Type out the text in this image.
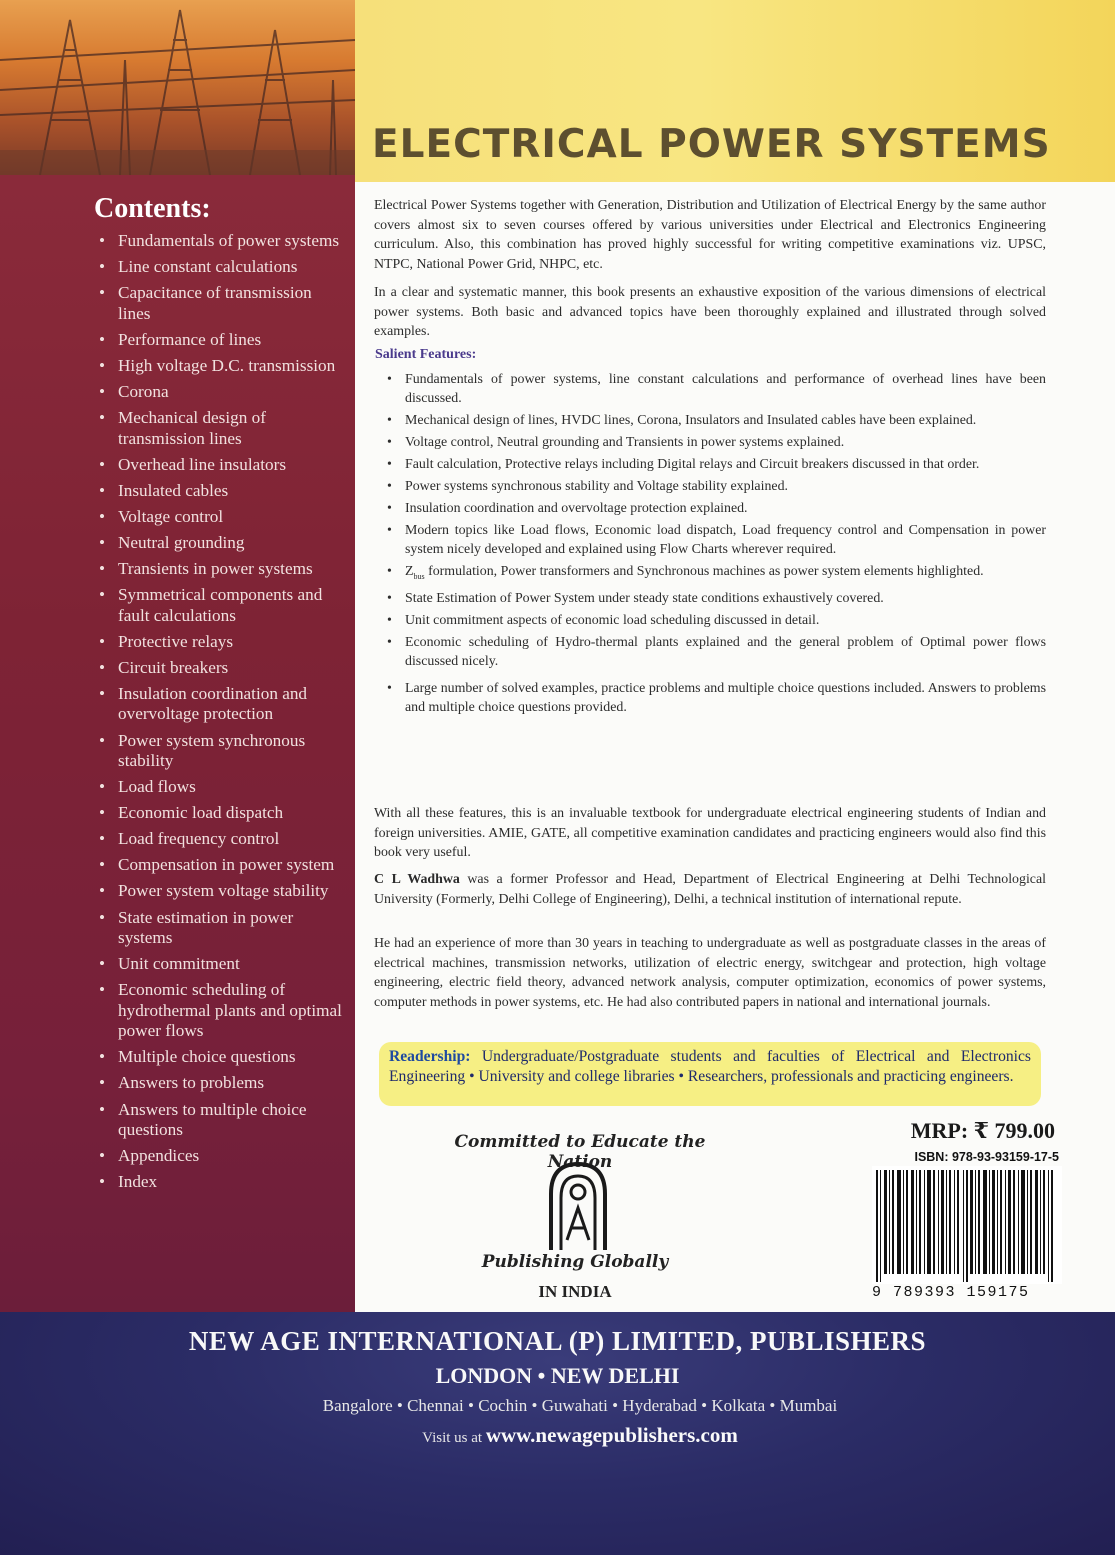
ELECTRICAL POWER SYSTEMS
Contents:
• Fundamentals of power systems
• Line constant calculations
• Capacitance of transmission lines
• Performance of lines
• High voltage D.C. transmission
• Corona
• Mechanical design of transmission lines
• Overhead line insulators
• Insulated cables
• Voltage control
• Neutral grounding
• Transients in power systems
• Symmetrical components and fault calculations
• Protective relays
• Circuit breakers
• Insulation coordination and overvoltage protection
• Power system synchronous stability
• Load flows
• Economic load dispatch
• Load frequency control
• Compensation in power system
• Power system voltage stability
• State estimation in power systems
• Unit commitment
• Economic scheduling of hydrothermal plants and optimal power flows
• Multiple choice questions
• Answers to problems
• Answers to multiple choice questions
• Appendices
• Index

Electrical Power Systems together with Generation, Distribution and Utilization of Electrical Energy by the same author covers almost six to seven courses offered by various universities under Electrical and Electronics Engineering curriculum. Also, this combination has proved highly successful for writing competitive examinations viz. UPSC, NTPC, National Power Grid, NHPC, etc.

In a clear and systematic manner, this book presents an exhaustive exposition of the various dimensions of electrical power systems. Both basic and advanced topics have been thoroughly explained and illustrated through solved examples.

Salient Features:
• Fundamentals of power systems, line constant calculations and performance of overhead lines have been discussed.
• Mechanical design of lines, HVDC lines, Corona, Insulators and Insulated cables have been explained.
• Voltage control, Neutral grounding and Transients in power systems explained.
• Fault calculation, Protective relays including Digital relays and Circuit breakers discussed in that order.
• Power systems synchronous stability and Voltage stability explained.
• Insulation coordination and overvoltage protection explained.
• Modern topics like Load flows, Economic load dispatch, Load frequency control and Compensation in power system nicely developed and explained using Flow Charts wherever required.
• $Z_{bus}$ formulation, Power transformers and Synchronous machines as power system elements highlighted.
• State Estimation of Power System under steady state conditions exhaustively covered.
• Unit commitment aspects of economic load scheduling discussed in detail.
• Economic scheduling of Hydro-thermal plants explained and the general problem of Optimal power flows discussed nicely.
• Large number of solved examples, practice problems and multiple choice questions included. Answers to problems and multiple choice questions provided.

With all these features, this is an invaluable textbook for undergraduate electrical engineering students of Indian and foreign universities. AMIE, GATE, all competitive examination candidates and practicing engineers would also find this book very useful.

C L Wadhwa was a former Professor and Head, Department of Electrical Engineering at Delhi Technological University (Formerly, Delhi College of Engineering), Delhi, a technical institution of international repute.

He had an experience of more than 30 years in teaching to undergraduate as well as postgraduate classes in the areas of electrical machines, transmission networks, utilization of electric energy, switchgear and protection, high voltage engineering, electric field theory, advanced network analysis, computer optimization, economics of power systems, computer methods in power systems, etc. He had also contributed papers in national and international journals.

Readership: Undergraduate/Postgraduate students and faculties of Electrical and Electronics Engineering • University and college libraries • Researchers, professionals and practicing engineers.
Committed to Educate the Nation
Publishing Globally
IN INDIA
MRP: ₹ 799.00
ISBN: 978-93-93159-17-5
9 789393 159175
NEW AGE INTERNATIONAL (P) LIMITED, PUBLISHERS
LONDON • NEW DELHI
Bangalore • Chennai • Cochin • Guwahati • Hyderabad • Kolkata • Mumbai
Visit us at www.newagepublishers.com
